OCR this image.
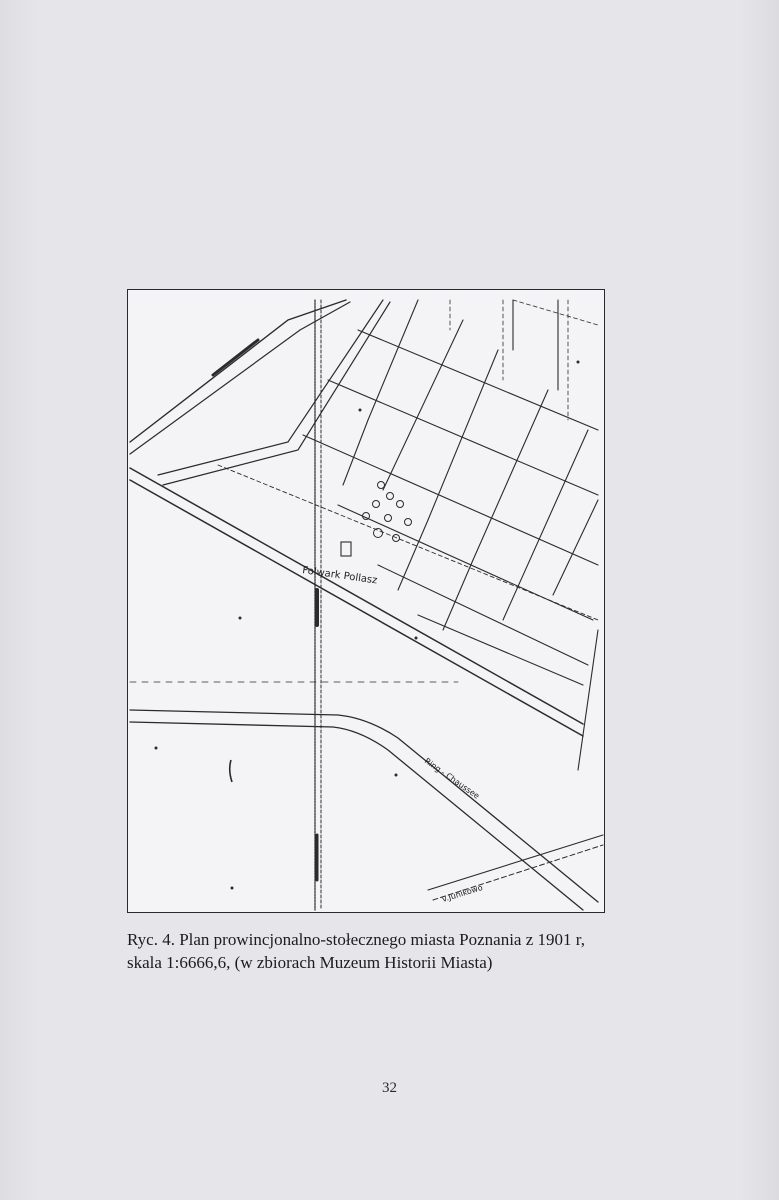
Folwark Pollasz
Ring - Chaussee
v.Junikowo
Ryc. 4. Plan prowincjonalno-stołecznego miasta Poznania z 1901 r,
skala 1:6666,6, (w zbiorach Muzeum Historii Miasta)
32
